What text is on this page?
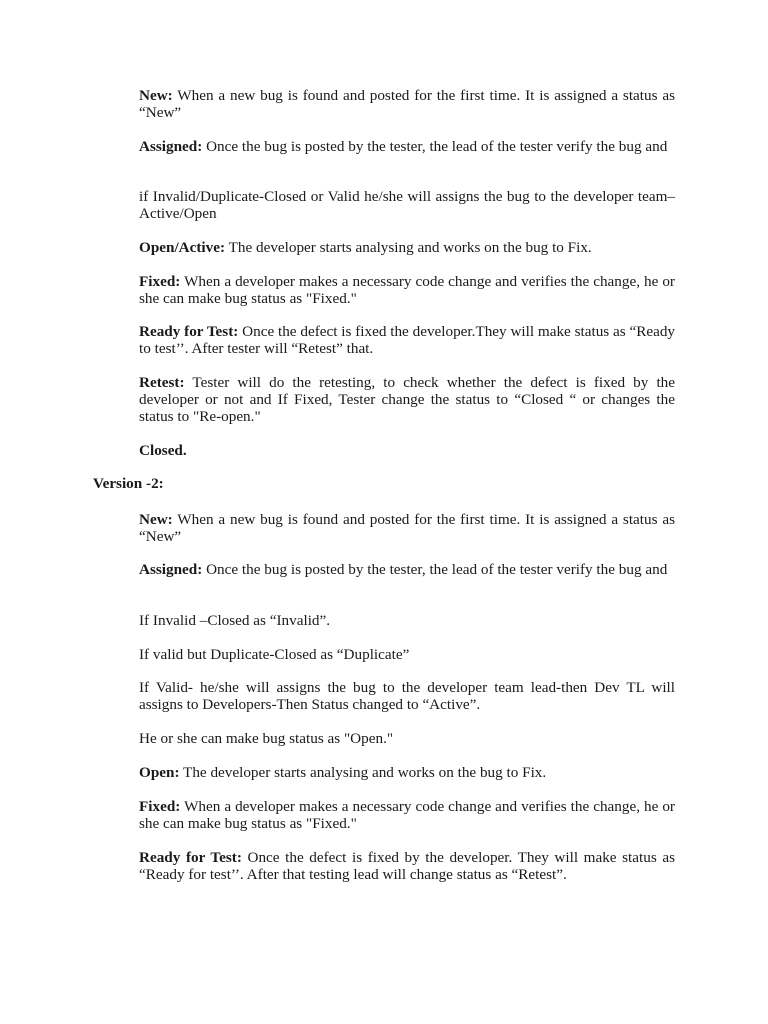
New: When a new bug is found and posted for the first time. It is assigned a status as “New”

Assigned: Once the bug is posted by the tester, the lead of the tester verify the bug and

if Invalid/Duplicate-Closed or Valid he/she will assigns the bug to the developer team–Active/Open

Open/Active: The developer starts analysing and works on the bug to Fix.

Fixed: When a developer makes a necessary code change and verifies the change, he or she can make bug status as "Fixed."

Ready for Test: Once the defect is fixed the developer.They will make status as “Ready to test’’. After tester will “Retest” that.

Retest: Tester will do the retesting, to check whether the defect is fixed by the developer or not and If Fixed, Tester change the status to “Closed “ or changes the status to "Re-open."

Closed.

Version -2:

New: When a new bug is found and posted for the first time. It is assigned a status as “New”

Assigned: Once the bug is posted by the tester, the lead of the tester verify the bug and

If Invalid –Closed as “Invalid”.

If valid but Duplicate-Closed as “Duplicate”

If Valid- he/she will assigns the bug to the developer team lead-then Dev TL will assigns to Developers-Then Status changed to “Active”.

He or she can make bug status as "Open."

Open: The developer starts analysing and works on the bug to Fix.

Fixed: When a developer makes a necessary code change and verifies the change, he or she can make bug status as "Fixed."

Ready for Test: Once the defect is fixed by the developer. They will make status as “Ready for test’’. After that testing lead will change status as “Retest”.
